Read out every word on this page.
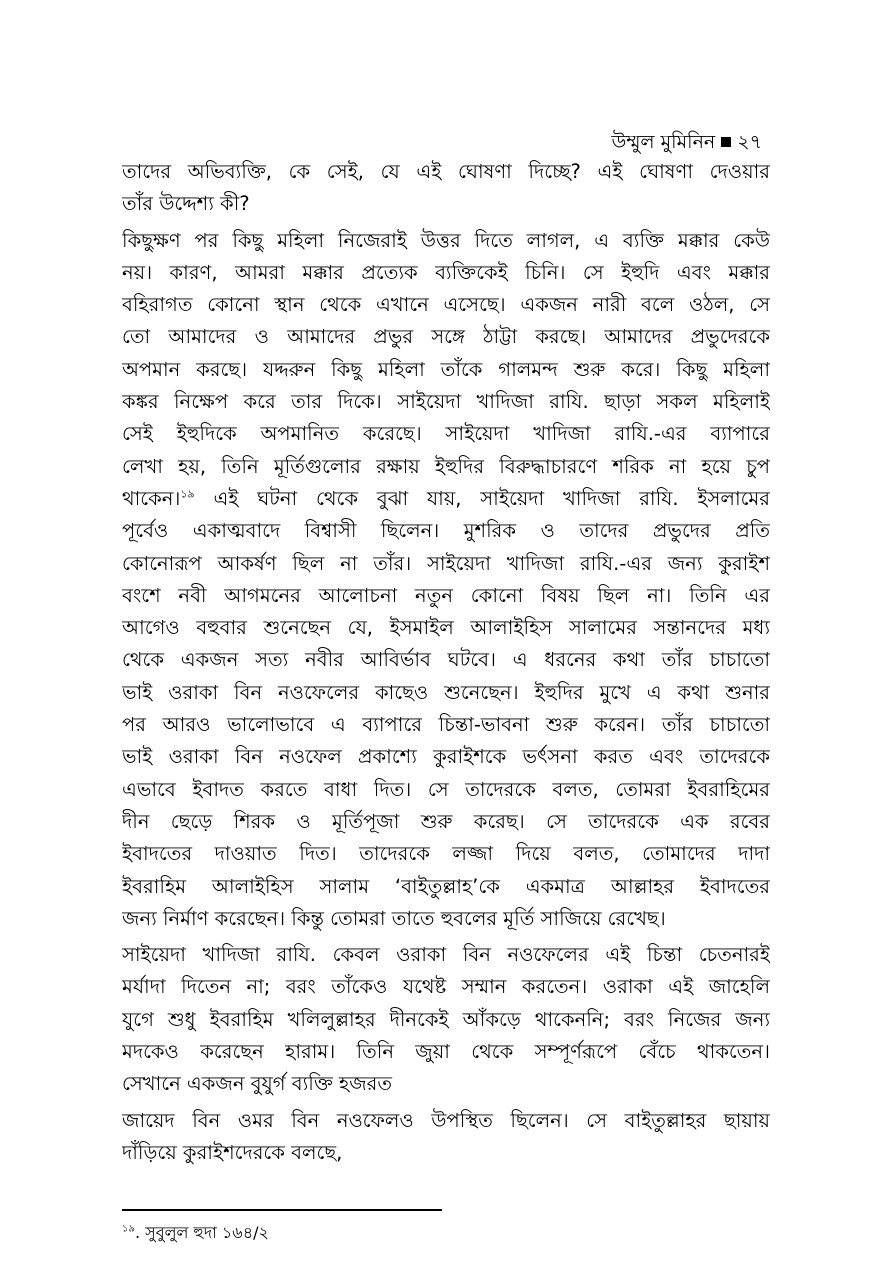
উম্মুল মুমিনিন ২৭
তাদের অভিব্যক্তি, কে সেই, যে এই ঘোষণা দিচ্ছে? এই ঘোষণা দেওয়ার
তাঁর উদ্দেশ্য কী?
কিছুক্ষণ পর কিছু মহিলা নিজেরাই উত্তর দিতে লাগল, এ ব্যক্তি মক্কার কেউ
নয়। কারণ, আমরা মক্কার প্রত্যেক ব্যক্তিকেই চিনি। সে ইহুদি এবং মক্কার
বহিরাগত কোনো স্থান থেকে এখানে এসেছে। একজন নারী বলে ওঠল, সে
তো আমাদের ও আমাদের প্রভুর সঙ্গে ঠাট্টা করছে। আমাদের প্রভুদেরকে
অপমান করছে। যদ্দরুন কিছু মহিলা তাঁকে গালমন্দ শুরু করে। কিছু মহিলা
কঙ্কর নিক্ষেপ করে তার দিকে। সাইয়েদা খাদিজা রাযি. ছাড়া সকল মহিলাই
সেই ইহুদিকে অপমানিত করেছে। সাইয়েদা খাদিজা রাযি.-এর ব্যাপারে
লেখা হয়, তিনি মূর্তিগুলোর রক্ষায় ইহুদির বিরুদ্ধাচারণে শরিক না হয়ে চুপ
থাকেন।$^{১৯}$ এই ঘটনা থেকে বুঝা যায়, সাইয়েদা খাদিজা রাযি. ইসলামের
পূর্বেও একাত্মবাদে বিশ্বাসী ছিলেন। মুশরিক ও তাদের প্রভুদের প্রতি
কোনোরূপ আকর্ষণ ছিল না তাঁর। সাইয়েদা খাদিজা রাযি.-এর জন্য কুরাইশ
বংশে নবী আগমনের আলোচনা নতুন কোনো বিষয় ছিল না। তিনি এর
আগেও বহুবার শুনেছেন যে, ইসমাইল আলাইহিস সালামের সন্তানদের মধ্য
থেকে একজন সত্য নবীর আবির্ভাব ঘটবে। এ ধরনের কথা তাঁর চাচাতো
ভাই ওরাকা বিন নওফেলের কাছেও শুনেছেন। ইহুদির মুখে এ কথা শুনার
পর আরও ভালোভাবে এ ব্যাপারে চিন্তা-ভাবনা শুরু করেন। তাঁর চাচাতো
ভাই ওরাকা বিন নওফেল প্রকাশ্যে কুরাইশকে ভর্ৎসনা করত এবং তাদেরকে
এভাবে ইবাদত করতে বাধা দিত। সে তাদেরকে বলত, তোমরা ইবরাহিমের
দীন ছেড়ে শিরক ও মূর্তিপূজা শুরু করেছ। সে তাদেরকে এক রবের
ইবাদতের দাওয়াত দিত। তাদেরকে লজ্জা দিয়ে বলত, তোমাদের দাদা
ইবরাহিম আলাইহিস সালাম ‘বাইতুল্লাহ’কে একমাত্র আল্লাহর ইবাদতের
জন্য নির্মাণ করেছেন। কিন্তু তোমরা তাতে হুবলের মূর্তি সাজিয়ে রেখেছ।
সাইয়েদা খাদিজা রাযি. কেবল ওরাকা বিন নওফেলের এই চিন্তা চেতনারই
মর্যাদা দিতেন না; বরং তাঁকেও যথেষ্ট সম্মান করতেন। ওরাকা এই জাহেলি
যুগে শুধু ইবরাহিম খলিলুল্লাহর দীনকেই আঁকড়ে থাকেননি; বরং নিজের জন্য
মদকেও করেছেন হারাম। তিনি জুয়া থেকে সম্পূর্ণরূপে বেঁচে থাকতেন।
সেখানে একজন বুযুর্গ ব্যক্তি হজরত
জায়েদ বিন ওমর বিন নওফেলও উপস্থিত ছিলেন। সে বাইতুল্লাহর ছায়ায়
দাঁড়িয়ে কুরাইশদেরকে বলছে,
$^{১৯}$. সুবুলুল হুদা ১৬৪/২
